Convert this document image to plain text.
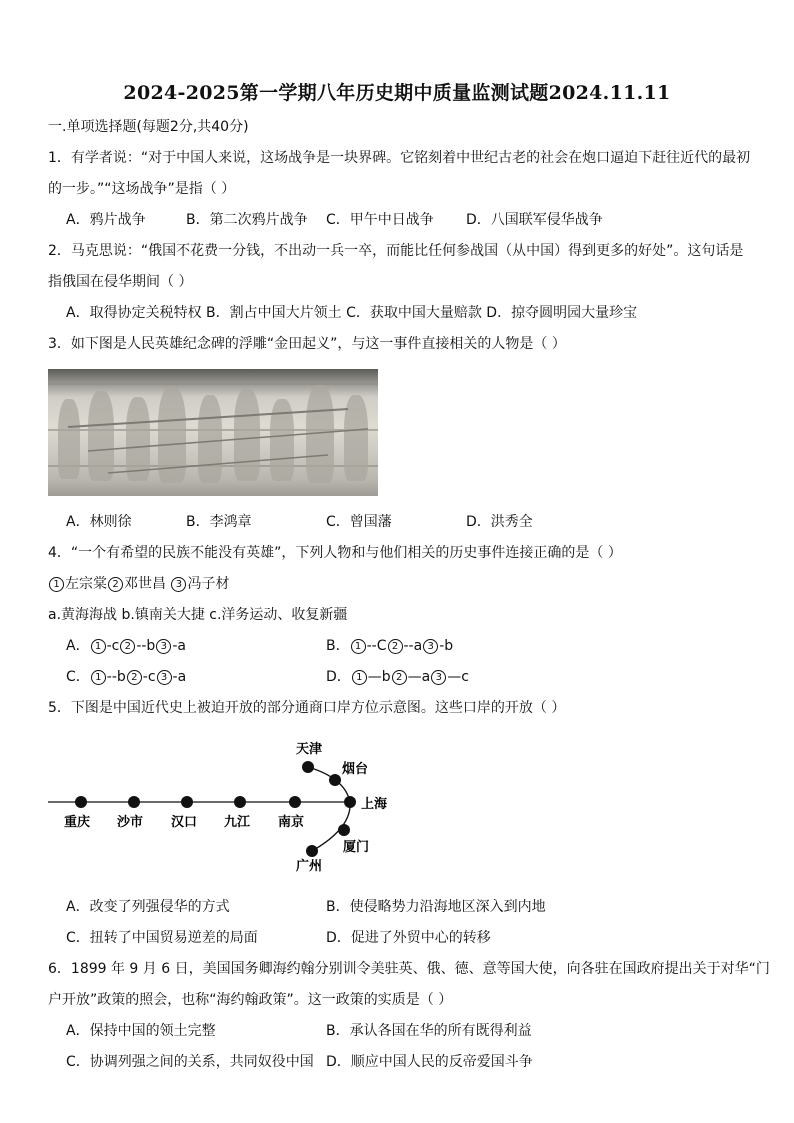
2024-2025第一学期八年历史期中质量监测试题2024.11.11
一.单项选择题(每题2分,共40分)
1．有学者说：“对于中国人来说，这场战争是一块界碑。它铭刻着中世纪古老的社会在炮口逼迫下赶往近代的最初
的一步。”“这场战争”是指（ ）
A．鸦片战争	B．第二次鸦片战争 C．甲午中日战争 D．八国联军侵华战争
2．马克思说：“俄国不花费一分钱，不出动一兵一卒，而能比任何参战国（从中国）得到更多的好处”。这句话是
指俄国在侵华期间（ ）
A．取得协定关税特权 B．割占中国大片领土 C．获取中国大量赔款 D．掠夺圆明园大量珍宝
3．如下图是人民英雄纪念碑的浮雕“金田起义”，与这一事件直接相关的人物是（ ）
A．林则徐	B．李鸿章	C．曾国藩	D．洪秀全
4．“一个有希望的民族不能没有英雄”，下列人物和与他们相关的历史事件连接正确的是（ ）
1 左宗棠 2 邓世昌 3 冯子材
a.黄海海战 b.镇南关大捷 c.洋务运动、收复新疆
A． 1 -c 2 --b 3 -a	B． 1 --C 2 --a 3 -b
C． 1 --b 2 -c 3 -a	D． 1 —b 2 —a 3 —c
5．下图是中国近代史上被迫开放的部分通商口岸方位示意图。这些口岸的开放（ ）
重庆 沙市 汉口 九江 南京
上海
天津
烟台
厦门
广州
A．改变了列强侵华的方式	B．使侵略势力沿海地区深入到内地
C．扭转了中国贸易逆差的局面	D．促进了外贸中心的转移
6．1899 年 9 月 6 日，美国国务卿海约翰分别训令美驻英、俄、德、意等国大使，向各驻在国政府提出关于对华“门
户开放”政策的照会，也称“海约翰政策”。这一政策的实质是（ ）
A．保持中国的领土完整	B．承认各国在华的所有既得利益
C．协调列强之间的关系，共同奴役中国 D．顺应中国人民的反帝爱国斗争
